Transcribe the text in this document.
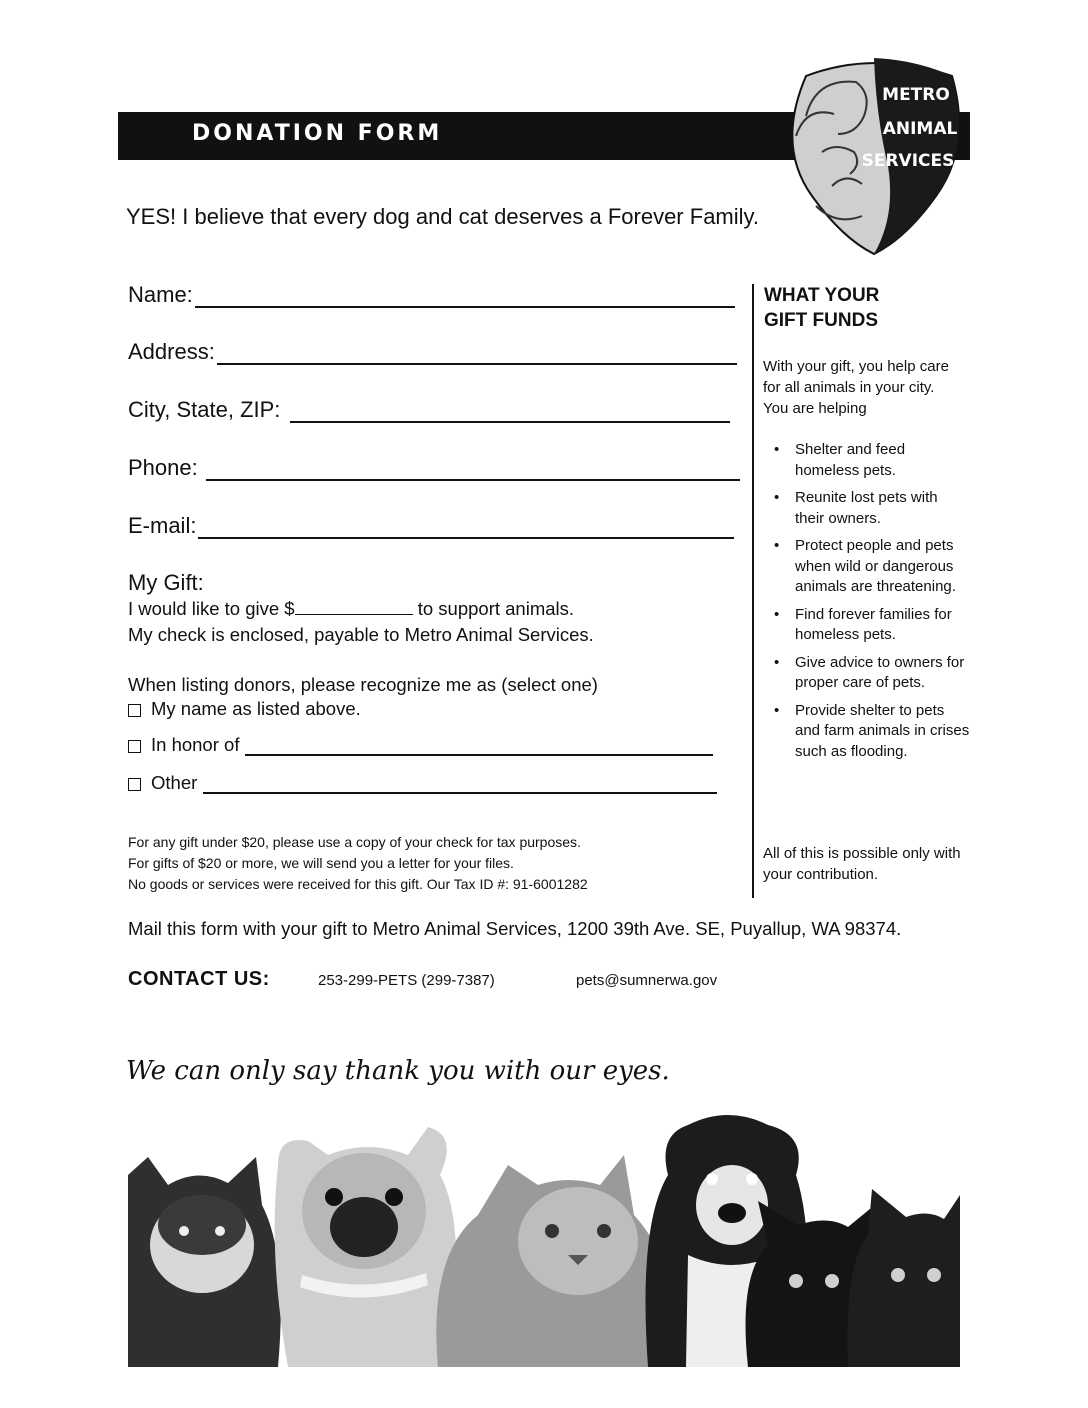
DONATION FORM
METRO
ANIMAL
SERVICES
YES! I believe that every dog and cat deserves a Forever Family.
Name:
Address:
City, State, ZIP:
Phone:
E-mail:
My Gift:
I would like to give $	to support animals.
My check is enclosed, payable to Metro Animal Services.
When listing donors, please recognize me as (select one)
My name as listed above.
In honor of
Other
For any gift under $20, please use a copy of your check for tax purposes.
For gifts of $20 or more, we will send you a letter for your files.
No goods or services were received for this gift. Our Tax ID #: 91-6001282
WHAT YOUR
GIFT FUNDS
With your gift, you help care for all animals in your city. You are helping
• Shelter and feed homeless pets.
• Reunite lost pets with their owners.
• Protect people and pets when wild or dangerous animals are threatening.
• Find forever families for homeless pets.
• Give advice to owners for proper care of pets.
• Provide shelter to pets and farm animals in crises such as flooding.
All of this is possible only with your contribution.
Mail this form with your gift to Metro Animal Services, 1200 39th Ave. SE, Puyallup, WA 98374.
CONTACT US:	253-299-PETS (299-7387)	pets@sumnerwa.gov
We can only say thank you with our eyes.
